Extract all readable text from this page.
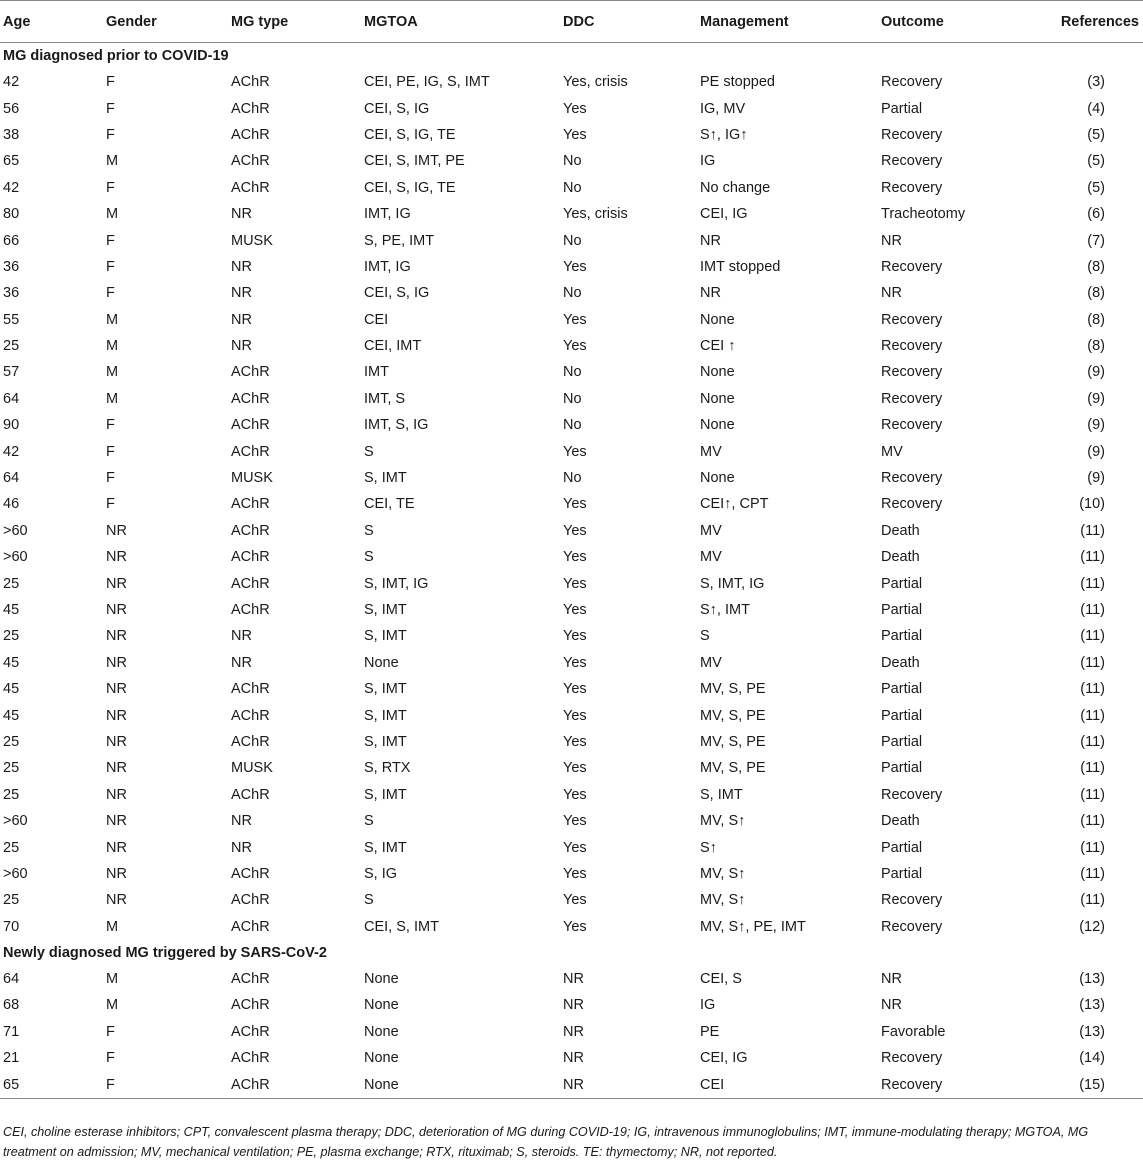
Age	Gender	MG type	MGTOA	DDC	Management	Outcome	References
MG diagnosed prior to COVID-19							
42	F	AChR	CEI, PE, IG, S, IMT	Yes, crisis	PE stopped	Recovery	(3)
56	F	AChR	CEI, S, IG	Yes	IG, MV	Partial	(4)
38	F	AChR	CEI, S, IG, TE	Yes	S↑, IG↑	Recovery	(5)
65	M	AChR	CEI, S, IMT, PE	No	IG	Recovery	(5)
42	F	AChR	CEI, S, IG, TE	No	No change	Recovery	(5)
80	M	NR	IMT, IG	Yes, crisis	CEI, IG	Tracheotomy	(6)
66	F	MUSK	S, PE, IMT	No	NR	NR	(7)
36	F	NR	IMT, IG	Yes	IMT stopped	Recovery	(8)
36	F	NR	CEI, S, IG	No	NR	NR	(8)
55	M	NR	CEI	Yes	None	Recovery	(8)
25	M	NR	CEI, IMT	Yes	CEI ↑	Recovery	(8)
57	M	AChR	IMT	No	None	Recovery	(9)
64	M	AChR	IMT, S	No	None	Recovery	(9)
90	F	AChR	IMT, S, IG	No	None	Recovery	(9)
42	F	AChR	S	Yes	MV	MV	(9)
64	F	MUSK	S, IMT	No	None	Recovery	(9)
46	F	AChR	CEI, TE	Yes	CEI↑, CPT	Recovery	(10)
>60	NR	AChR	S	Yes	MV	Death	(11)
>60	NR	AChR	S	Yes	MV	Death	(11)
25	NR	AChR	S, IMT, IG	Yes	S, IMT, IG	Partial	(11)
45	NR	AChR	S, IMT	Yes	S↑, IMT	Partial	(11)
25	NR	NR	S, IMT	Yes	S	Partial	(11)
45	NR	NR	None	Yes	MV	Death	(11)
45	NR	AChR	S, IMT	Yes	MV, S, PE	Partial	(11)
45	NR	AChR	S, IMT	Yes	MV, S, PE	Partial	(11)
25	NR	AChR	S, IMT	Yes	MV, S, PE	Partial	(11)
25	NR	MUSK	S, RTX	Yes	MV, S, PE	Partial	(11)
25	NR	AChR	S, IMT	Yes	S, IMT	Recovery	(11)
>60	NR	NR	S	Yes	MV, S↑	Death	(11)
25	NR	NR	S, IMT	Yes	S↑	Partial	(11)
>60	NR	AChR	S, IG	Yes	MV, S↑	Partial	(11)
25	NR	AChR	S	Yes	MV, S↑	Recovery	(11)
70	M	AChR	CEI, S, IMT	Yes	MV, S↑, PE, IMT	Recovery	(12)
Newly diagnosed MG triggered by SARS-CoV-2							
64	M	AChR	None	NR	CEI, S	NR	(13)
68	M	AChR	None	NR	IG	NR	(13)
71	F	AChR	None	NR	PE	Favorable	(13)
21	F	AChR	None	NR	CEI, IG	Recovery	(14)
65	F	AChR	None	NR	CEI	Recovery	(15)
CEI, choline esterase inhibitors; CPT, convalescent plasma therapy; DDC, deterioration of MG during COVID-19; IG, intravenous immunoglobulins; IMT, immune-modulating therapy; MGTOA, MG treatment on admission; MV, mechanical ventilation; PE, plasma exchange; RTX, rituximab; S, steroids. TE: thymectomy; NR, not reported.
